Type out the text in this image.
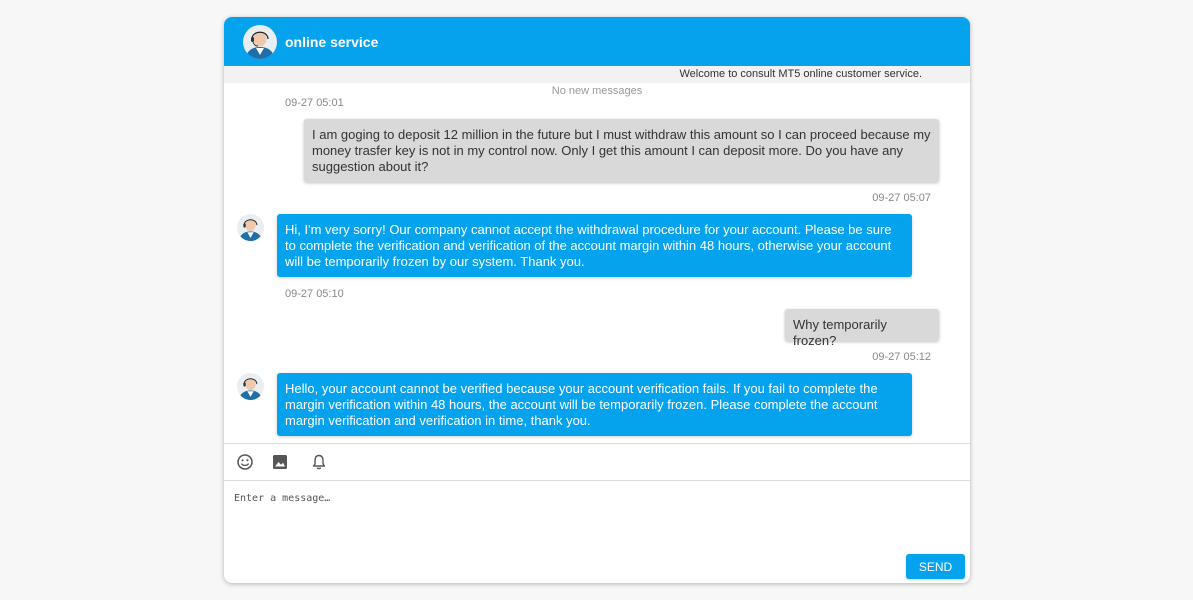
online service
Welcome to consult MT5 online customer service.
No new messages
09-27 05:01
I am goging to deposit 12 million in the future but I must withdraw this amount so I can proceed because my money trasfer key is not in my control now. Only I get this amount I can deposit more. Do you have any suggestion about it?
09-27 05:07
Hi, I'm very sorry! Our company cannot accept the withdrawal procedure for your account. Please be sure to complete the verification and verification of the account margin within 48 hours, otherwise your account will be temporarily frozen by our system. Thank you.
09-27 05:10
Why temporarily frozen?
09-27 05:12
Hello, your account cannot be verified because your account verification fails. If you fail to complete the margin verification within 48 hours, the account will be temporarily frozen. Please complete the account margin verification and verification in time, thank you.
Enter a message…
SEND
